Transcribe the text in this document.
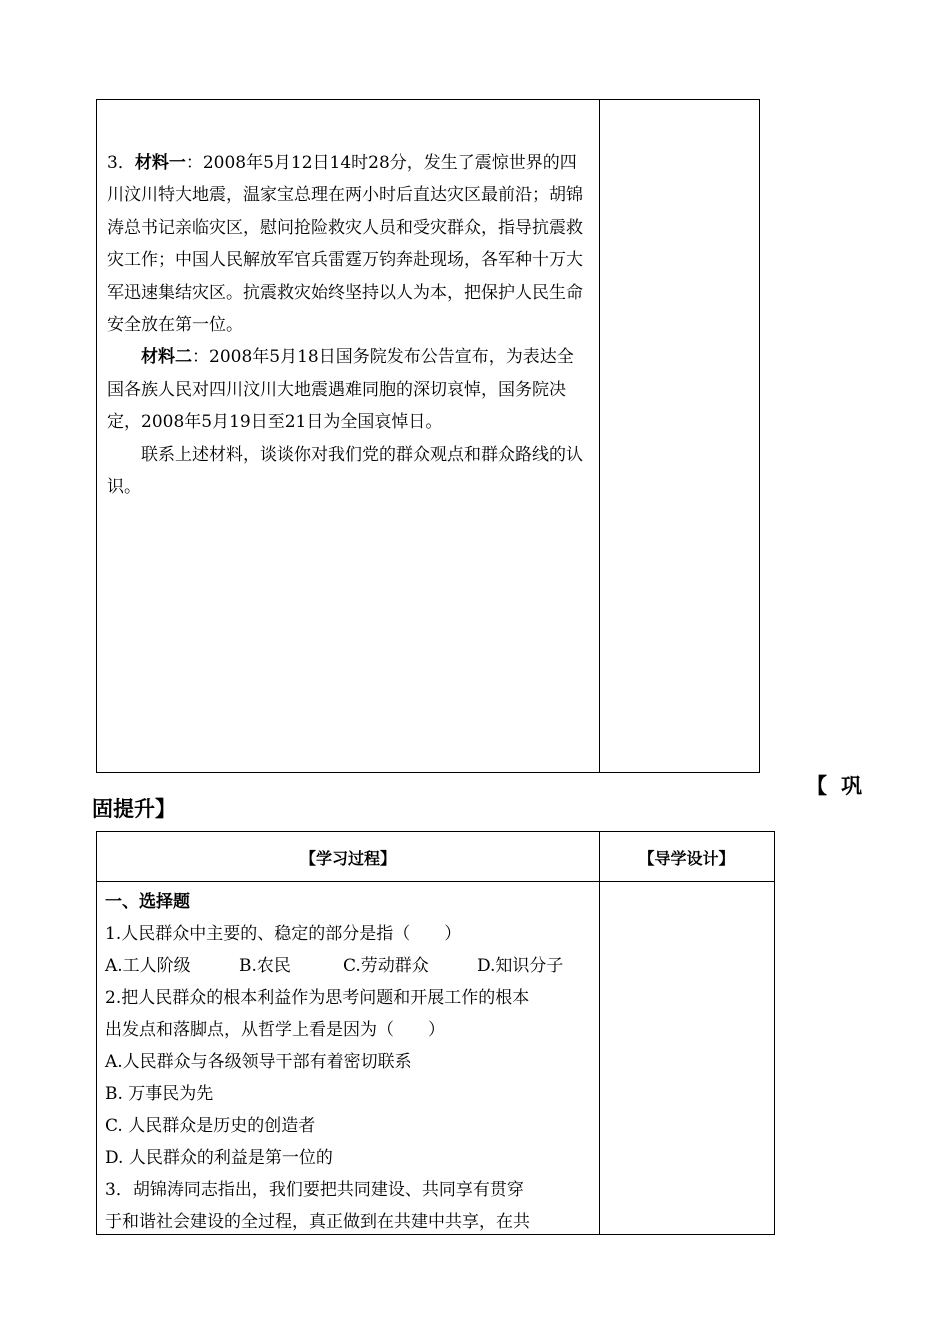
3．材料一：2008年5月12日14时28分，发生了震惊世界的四川汶川特大地震，温家宝总理在两小时后直达灾区最前沿；胡锦涛总书记亲临灾区，慰问抢险救灾人员和受灾群众，指导抗震救灾工作；中国人民解放军官兵雷霆万钧奔赴现场，各军种十万大军迅速集结灾区。抗震救灾始终坚持以人为本，把保护人民生命安全放在第一位。

材料二：2008年5月18日国务院发布公告宣布，为表达全国各族人民对四川汶川大地震遇难同胞的深切哀悼，国务院决定，2008年5月19日至21日为全国哀悼日。

联系上述材料，谈谈你对我们党的群众观点和群众路线的认识。

【巩
固提升】
【学习过程】	【导学设计】

一、选择题

1.人民群众中主要的、稳定的部分是指（　　）

A.工人阶级	B.农民	C.劳动群众	D.知识分子

2.把人民群众的根本利益作为思考问题和开展工作的根本

出发点和落脚点，从哲学上看是因为（　　）

A.人民群众与各级领导干部有着密切联系

B. 万事民为先

C. 人民群众是历史的创造者

D. 人民群众的利益是第一位的

3．胡锦涛同志指出，我们要把共同建设、共同享有贯穿

于和谐社会建设的全过程，真正做到在共建中共享，在共
